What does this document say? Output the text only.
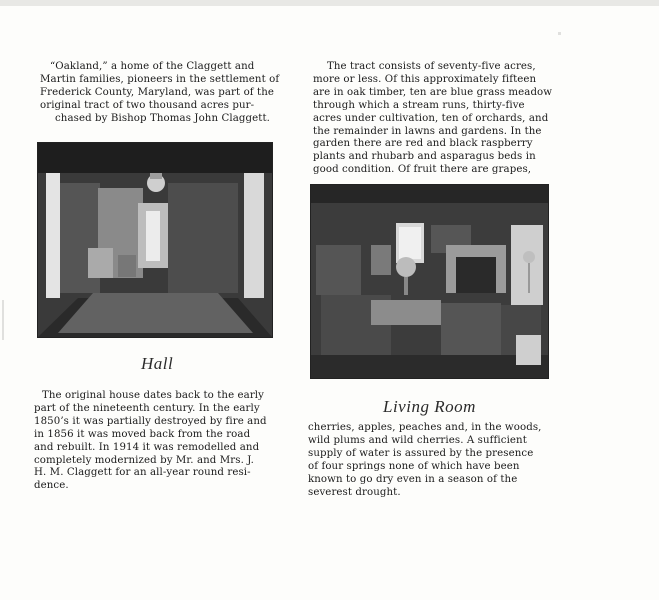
“Oakland,” a home of the Claggett and
Martin families, pioneers in the settlement of
Frederick County, Maryland, was part of the
original tract of two thousand acres pur-
chased by Bishop Thomas John Claggett.
Hall
The original house dates back to the early
part of the nineteenth century. In the early
1850’s it was partially destroyed by fire and
in 1856 it was moved back from the road
and rebuilt. In 1914 it was remodelled and
completely modernized by Mr. and Mrs. J.
H. M. Claggett for an all-year round resi-
dence.
The tract consists of seventy-five acres,
more or less. Of this approximately fifteen
are in oak timber, ten are blue grass meadow
through which a stream runs, thirty-five
acres under cultivation, ten of orchards, and
the remainder in lawns and gardens. In the
garden there are red and black raspberry
plants and rhubarb and asparagus beds in
good condition. Of fruit there are grapes,
Living Room
cherries, apples, peaches and, in the woods,
wild plums and wild cherries. A sufficient
supply of water is assured by the presence
of four springs none of which have been
known to go dry even in a season of the
severest drought.
